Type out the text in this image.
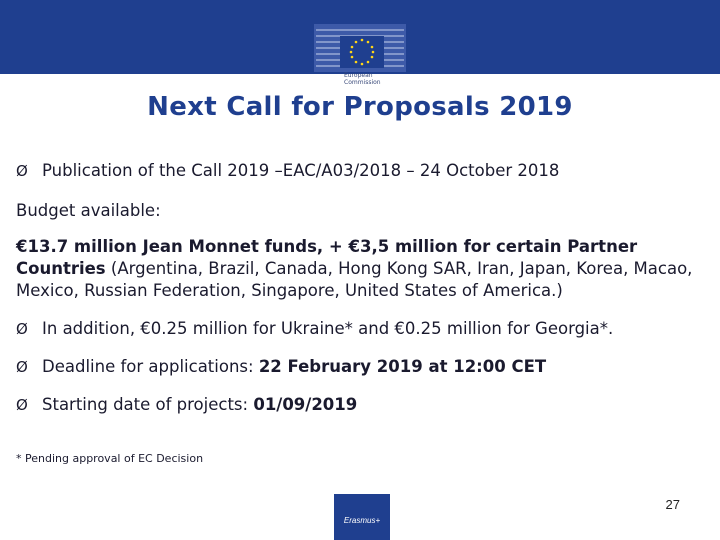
European
Commission
Next Call for Proposals 2019
Ø Publication of the Call 2019 –EAC/A03/2018 – 24 October 2018
Budget available:
€13.7 million Jean Monnet funds, + €3,5 million for certain Partner Countries (Argentina, Brazil, Canada, Hong Kong SAR, Iran, Japan, Korea, Macao, Mexico, Russian Federation, Singapore, United States of America.)
Ø In addition, €0.25 million for Ukraine* and €0.25 million for Georgia*.
Ø Deadline for applications: 22 February 2019 at 12:00 CET
Ø Starting date of projects: 01/09/2019
* Pending approval of EC Decision
Erasmus+
27
